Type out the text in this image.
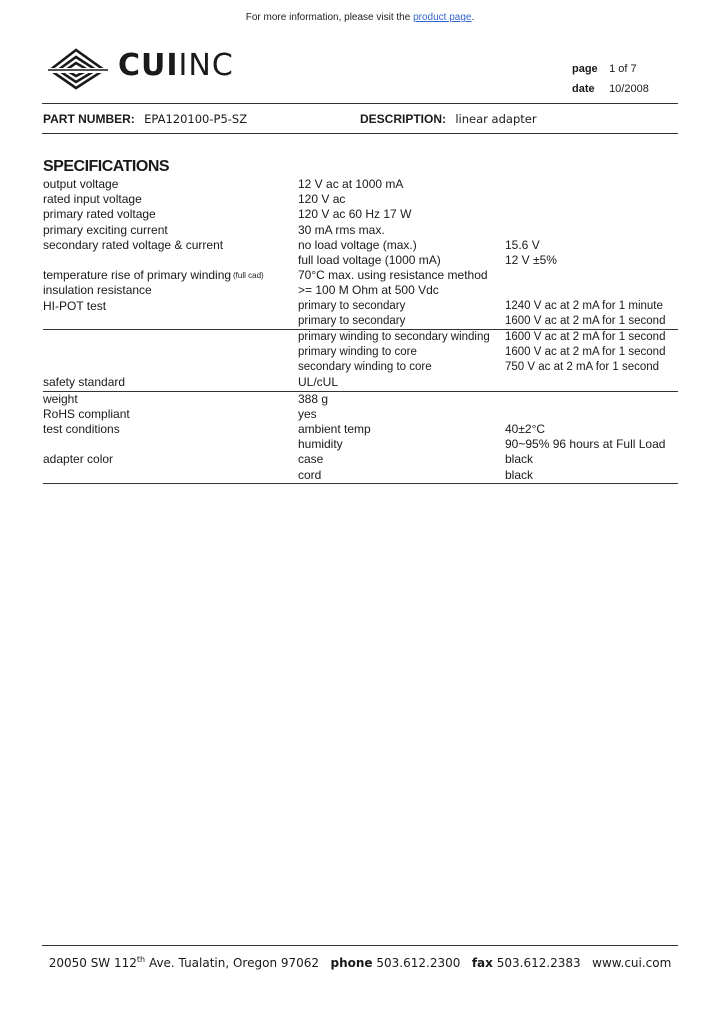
For more information, please visit the product page.
CUIINC	page 1 of 7
date 10/2008
PART NUMBER: EPA120100-P5-SZ	DESCRIPTION: linear adapter
SPECIFICATIONS
output voltage	12 V ac at 1000 mA
rated input voltage	120 V ac
primary rated voltage	120 V ac 60 Hz 17 W
primary exciting current	30 mA rms max.
secondary rated voltage & current	no load voltage (max.)	15.6 V
full load voltage (1000 mA)	12 V ±5%
temperature rise of primary winding (full cad)	70°C max. using resistance method
insulation resistance	>= 100 M Ohm at 500 Vdc
HI-POT test	primary to secondary	1240 V ac at 2 mA for 1 minute
primary to secondary	1600 V ac at 2 mA for 1 second
primary winding to secondary winding 1600 V ac at 2 mA for 1 second
primary winding to core	1600 V ac at 2 mA for 1 second
secondary winding to core	750 V ac at 2 mA for 1 second
safety standard	UL/cUL
weight	388 g
RoHS compliant	yes
test conditions	ambient temp	40±2°C
humidity	90~95% 96 hours at Full Load
adapter color	case	black
cord	black
20050 SW 112th Ave. Tualatin, Oregon 97062 phone 503.612.2300 fax 503.612.2383 www.cui.com
